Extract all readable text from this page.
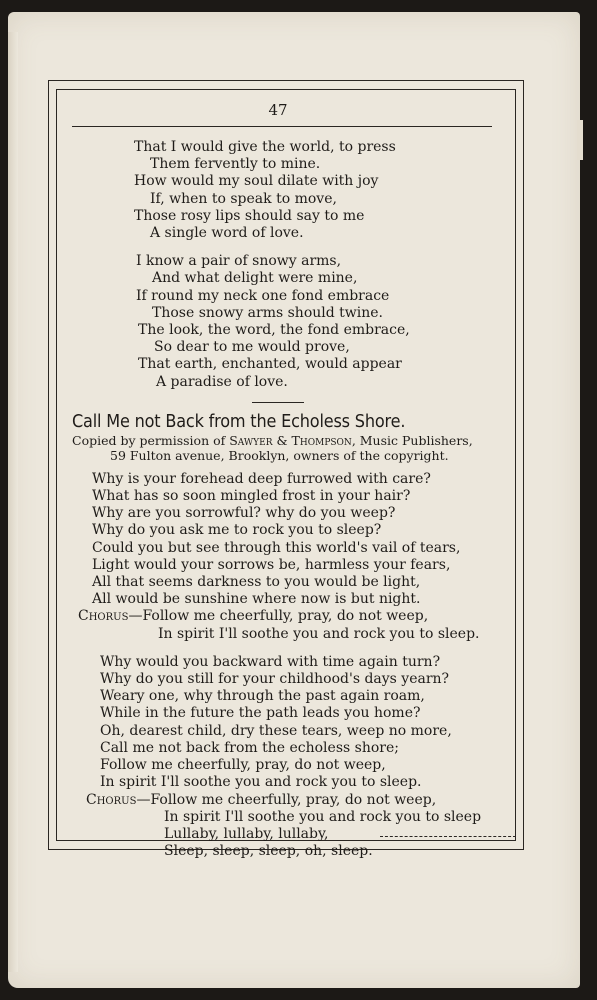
47
That I would give the world, to press
Them fervently to mine.
How would my soul dilate with joy
If, when to speak to move,
Those rosy lips should say to me
A single word of love.
I know a pair of snowy arms,
And what delight were mine,
If round my neck one fond embrace
Those snowy arms should twine.
The look, the word, the fond embrace,
So dear to me would prove,
That earth, enchanted, would appear
A paradise of love.
Call Me not Back from the Echoless Shore.
Copied by permission of Sawyer & Thompson, Music Publishers,
59 Fulton avenue, Brooklyn, owners of the copyright.
Why is your forehead deep furrowed with care?
What has so soon mingled frost in your hair?
Why are you sorrowful? why do you weep?
Why do you ask me to rock you to sleep?
Could you but see through this world's vail of tears,
Light would your sorrows be, harmless your fears,
All that seems darkness to you would be light,
All would be sunshine where now is but night.
Chorus—Follow me cheerfully, pray, do not weep,
In spirit I'll soothe you and rock you to sleep.
Why would you backward with time again turn?
Why do you still for your childhood's days yearn?
Weary one, why through the past again roam,
While in the future the path leads you home?
Oh, dearest child, dry these tears, weep no more,
Call me not back from the echoless shore;
Follow me cheerfully, pray, do not weep,
In spirit I'll soothe you and rock you to sleep.
Chorus—Follow me cheerfully, pray, do not weep,
In spirit I'll soothe you and rock you to sleep
Lullaby, lullaby, lullaby,
Sleep, sleep, sleep, oh, sleep.
